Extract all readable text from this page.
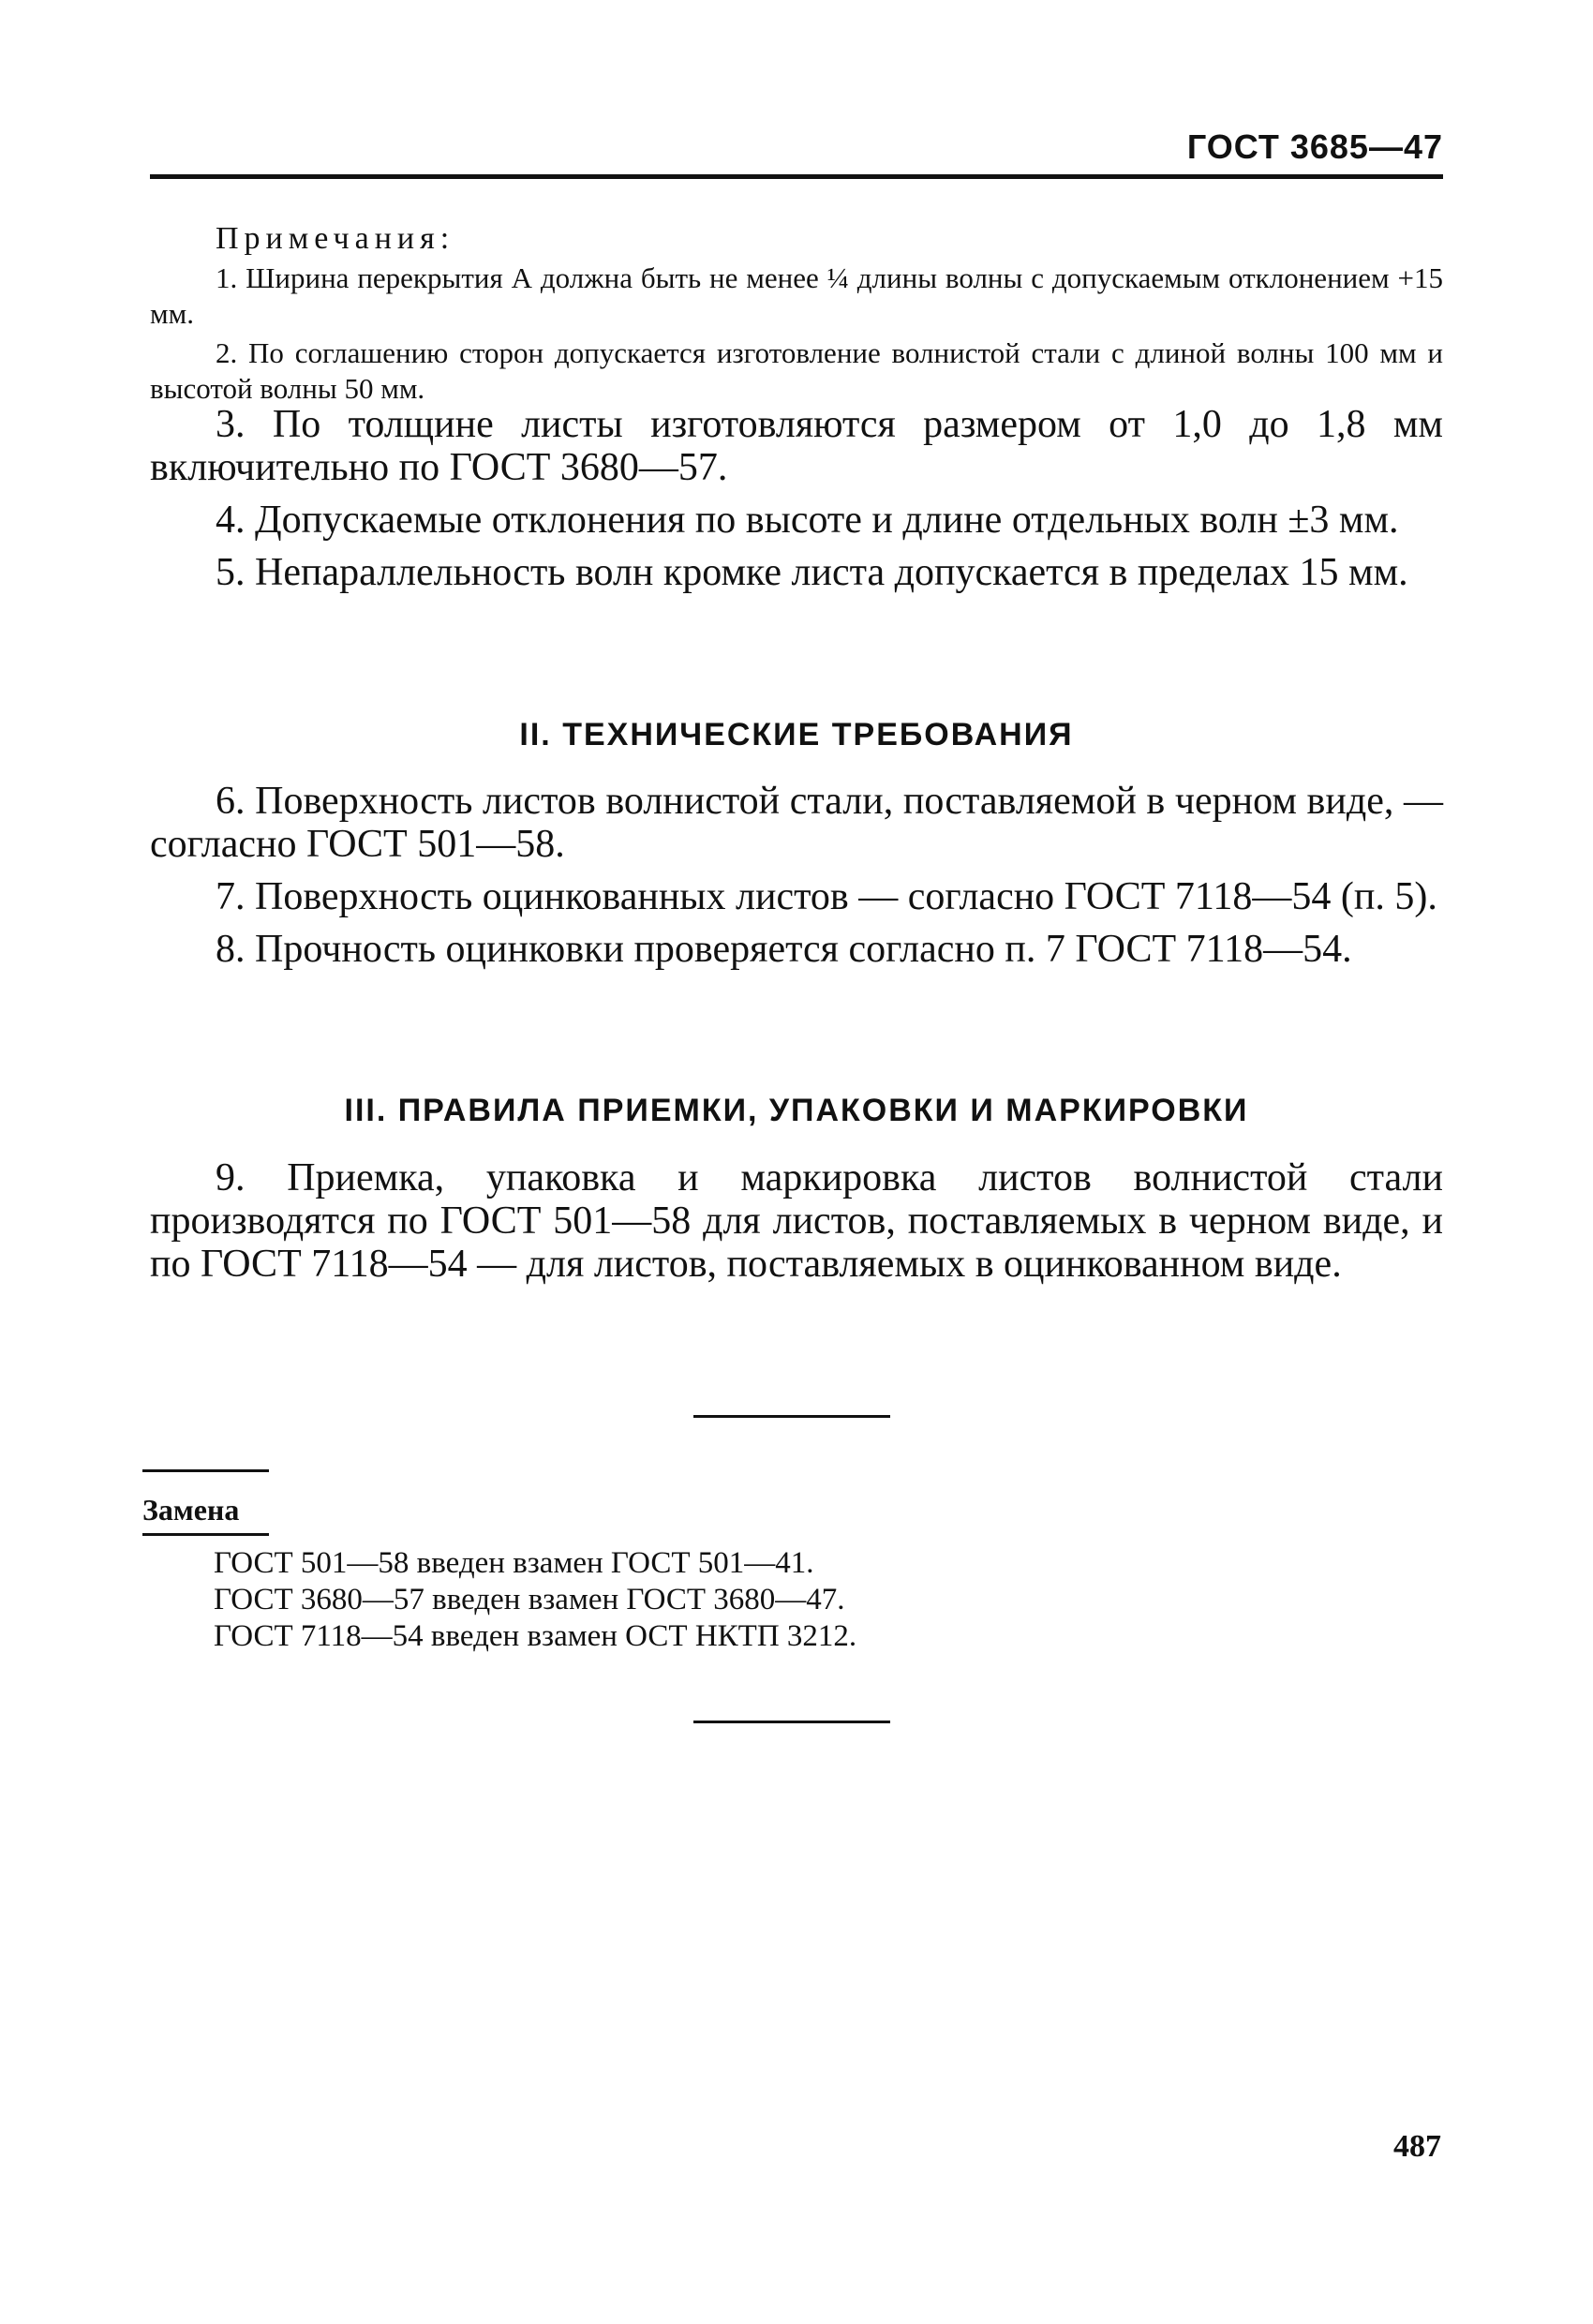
ГОСТ 3685—47
Примечания:

1. Ширина перекрытия А должна быть не менее ¼ длины волны с допускаемым отклонением +15 мм.

2. По соглашению сторон допускается изготовление волнистой стали с длиной волны 100 мм и высотой волны 50 мм.

3. По толщине листы изготовляются размером от 1,0 до 1,8 мм включительно по ГОСТ 3680—57.

4. Допускаемые отклонения по высоте и длине отдельных волн ±3 мм.

5. Непараллельность волн кромке листа допускается в пределах 15 мм.

II. ТЕХНИЧЕСКИЕ ТРЕБОВАНИЯ

6. Поверхность листов волнистой стали, поставляемой в черном виде, — согласно ГОСТ 501—58.

7. Поверхность оцинкованных листов — согласно ГОСТ 7118—54 (п. 5).

8. Прочность оцинковки проверяется согласно п. 7 ГОСТ 7118—54.

III. ПРАВИЛА ПРИЕМКИ, УПАКОВКИ И МАРКИРОВКИ

9. Приемка, упаковка и маркировка листов волнистой стали производятся по ГОСТ 501—58 для листов, поставляемых в черном виде, и по ГОСТ 7118—54 — для листов, поставляемых в оцинкованном виде.

Замена
ГОСТ 501—58 введен взамен ГОСТ 501—41.
ГОСТ 3680—57 введен взамен ГОСТ 3680—47.
ГОСТ 7118—54 введен взамен ОСТ НКТП 3212.
487
